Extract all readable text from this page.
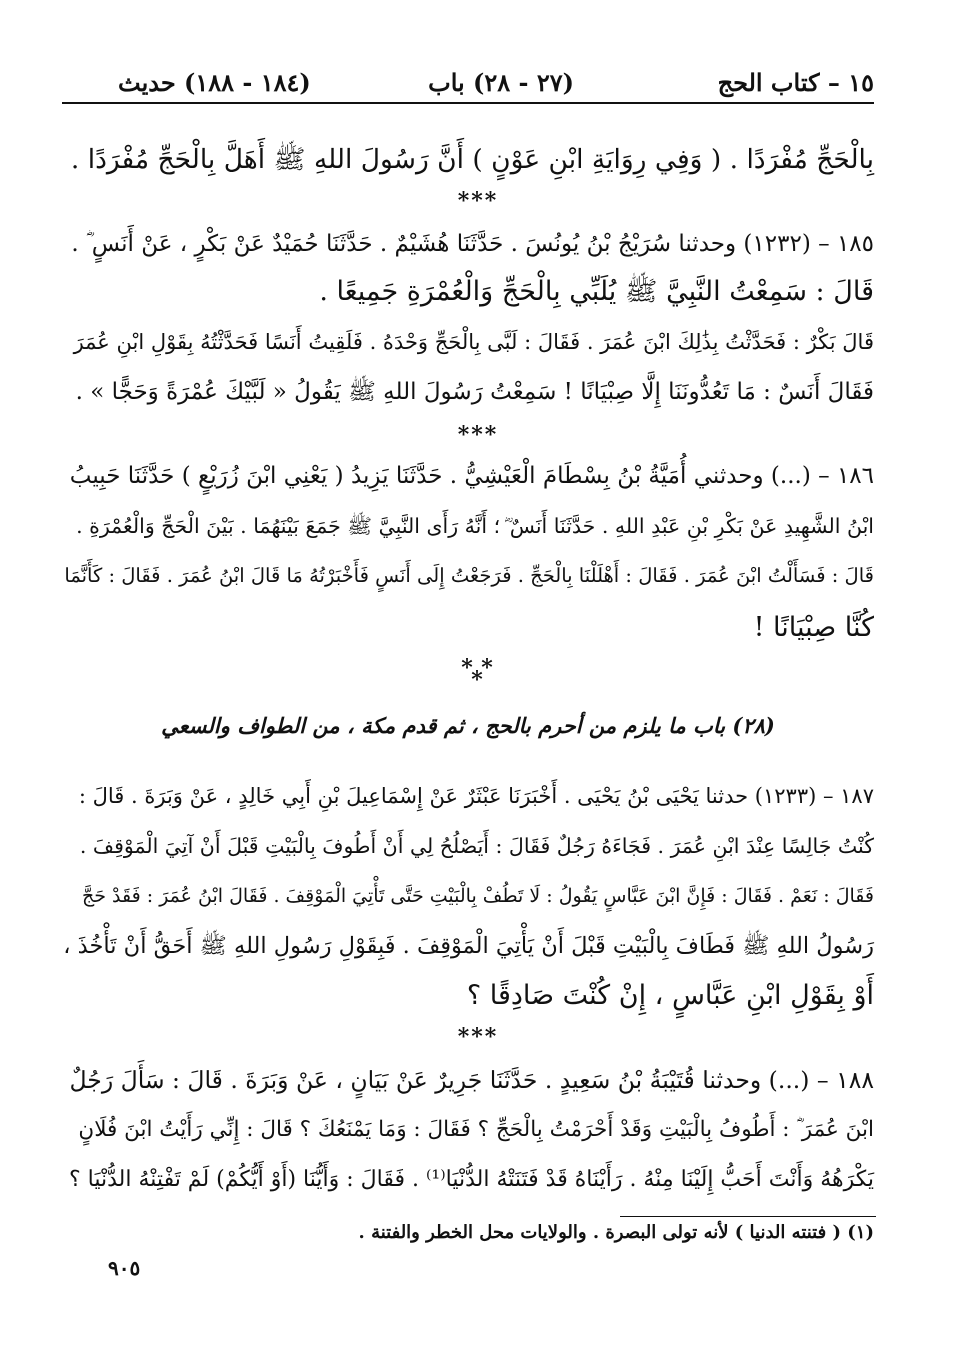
١٥ – كتاب الحج
(٢٧ - ٢٨) باب
(١٨٤ - ١٨٨) حديث
بِالْحَجِّ مُفْرَدًا . ( وَفِي رِوَايَةِ ابْنِ عَوْنٍ ) أَنَّ رَسُولَ اللهِ ﷺ أَهَلَّ بِالْحَجِّ مُفْرَدًا .
***
١٨٥ – (١٢٣٢) وحدثنا سُرَيْجُ بْنُ يُونُسَ . حَدَّثَنَا هُشَيْمٌ . حَدَّثَنَا حُمَيْدٌ عَنْ بَكْرٍ ، عَنْ أَنَسٍ ؓ .
قَالَ : سَمِعْتُ النَّبِيَّ ﷺ يُلَبِّي بِالْحَجِّ وَالْعُمْرَةِ جَمِيعًا .
قَالَ بَكْرٌ : فَحَدَّثْتُ بِذَٰلِكَ ابْنَ عُمَرَ . فَقَالَ : لَبَّى بِالْحَجِّ وَحْدَهُ . فَلَقِيتُ أَنَسًا فَحَدَّثْتُهُ بِقَوْلِ ابْنِ عُمَرَ
فَقَالَ أَنَسٌ : مَا تَعُدُّونَنَا إِلَّا صِبْيَانًا ! سَمِعْتُ رَسُولَ اللهِ ﷺ يَقُولُ « لَبَّيْكَ عُمْرَةً وَحَجًّا » .
***
١٨٦ – (...) وحدثني أُمَيَّةُ بْنُ بِسْطَامَ الْعَيْشِيُّ . حَدَّثَنَا يَزِيدُ ( يَعْنِي ابْنَ زُرَيْعٍ ) حَدَّثَنَا حَبِيبُ
ابْنُ الشَّهِيدِ عَنْ بَكْرِ بْنِ عَبْدِ اللهِ . حَدَّثَنَا أَنَسٌ ؓ ؛ أَنَّهُ رَأَى النَّبِيَّ ﷺ جَمَعَ بَيْنَهُمَا . بَيْنَ الْحَجِّ وَالْعُمْرَةِ .
قَالَ : فَسَأَلْتُ ابْنَ عُمَرَ . فَقَالَ : أَهْلَلْنَا بِالْحَجِّ . فَرَجَعْتُ إِلَى أَنَسٍ فَأَخْبَرْتُهُ مَا قَالَ ابْنُ عُمَرَ . فَقَالَ : كَأَنَّمَا
كُنَّا صِبْيَانًا !
* *
*
(٢٨) باب ما يلزم من أحرم بالحج ، ثم قدم مكة ، من الطواف والسعي
١٨٧ – (١٢٣٣) حدثنا يَحْيَى بْنُ يَحْيَى . أَخْبَرَنَا عَبْثَرٌ عَنْ إِسْمَاعِيلَ بْنِ أَبِي خَالِدٍ ، عَنْ وَبَرَةَ . قَالَ :
كُنْتُ جَالِسًا عِنْدَ ابْنِ عُمَرَ . فَجَاءَهُ رَجُلٌ فَقَالَ : أَيَصْلُحُ لِي أَنْ أَطُوفَ بِالْبَيْتِ قَبْلَ أَنْ آتِيَ الْمَوْقِفَ .
فَقَالَ : نَعَمْ . فَقَالَ : فَإِنَّ ابْنَ عَبَّاسٍ يَقُولُ : لَا تَطُفْ بِالْبَيْتِ حَتَّى تَأْتِيَ الْمَوْقِفَ . فَقَالَ ابْنُ عُمَرَ : فَقَدْ حَجَّ
رَسُولُ اللهِ ﷺ فَطَافَ بِالْبَيْتِ قَبْلَ أَنْ يَأْتِيَ الْمَوْقِفَ . فَبِقَوْلِ رَسُولِ اللهِ ﷺ أَحَقُّ أَنْ تَأْخُذَ ،
أَوْ بِقَوْلِ ابْنِ عَبَّاسٍ ، إِنْ كُنْتَ صَادِقًا ؟
***
١٨٨ – (...) وحدثنا قُتَيْبَةُ بْنُ سَعِيدٍ . حَدَّثَنَا جَرِيرٌ عَنْ بَيَانٍ ، عَنْ وَبَرَةَ . قَالَ : سَأَلَ رَجُلٌ
ابْنَ عُمَرَ ؓ : أَطُوفُ بِالْبَيْتِ وَقَدْ أَحْرَمْتُ بِالْحَجِّ ؟ فَقَالَ : وَمَا يَمْنَعُكَ ؟ قَالَ : إِنِّي رَأَيْتُ ابْنَ فُلَانٍ
يَكْرَهُهُ وَأَنْتَ أَحَبُّ إِلَيْنَا مِنْهُ . رَأَيْنَاهُ قَدْ فَتَنَتْهُ الدُّنْيَا⁽¹⁾ . فَقَالَ : وَأَيُّنَا (أَوْ أَيُّكُمْ) لَمْ تَفْتِنْهُ الدُّنْيَا ؟
(١) ( فتنته الدنيا ) لأنه تولى البصرة . والولايات محل الخطر والفتنة .
٩٠٥
